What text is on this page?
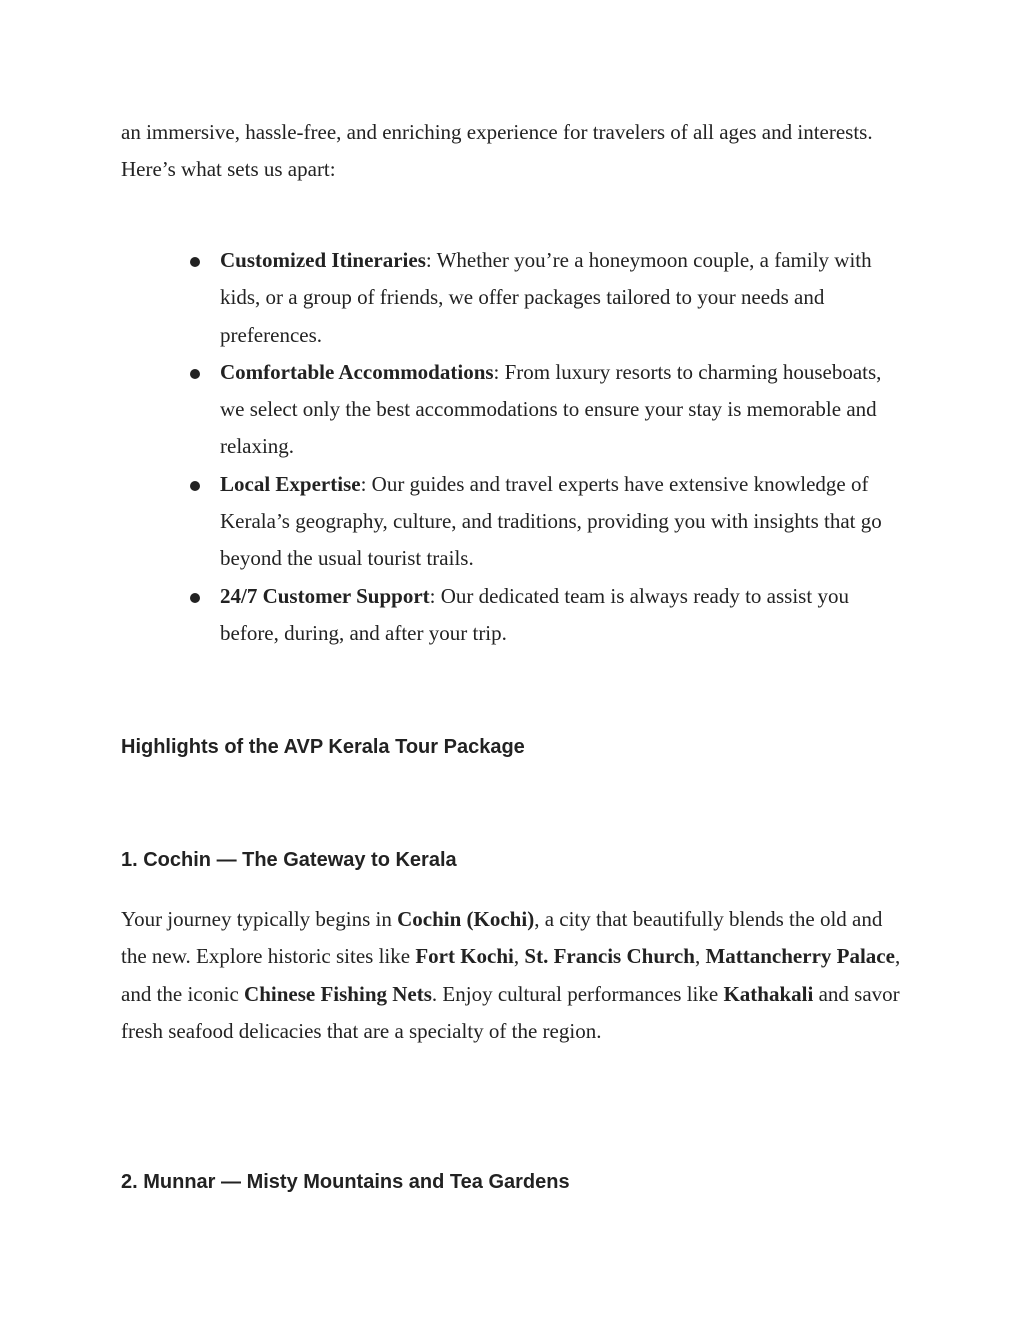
an immersive, hassle-free, and enriching experience for travelers of all ages and interests. Here’s what sets us apart:

Customized Itineraries: Whether you’re a honeymoon couple, a family with kids, or a group of friends, we offer packages tailored to your needs and preferences.
Comfortable Accommodations: From luxury resorts to charming houseboats, we select only the best accommodations to ensure your stay is memorable and relaxing.
Local Expertise: Our guides and travel experts have extensive knowledge of Kerala’s geography, culture, and traditions, providing you with insights that go beyond the usual tourist trails.
24/7 Customer Support: Our dedicated team is always ready to assist you before, during, and after your trip.
Highlights of the AVP Kerala Tour Package
1. Cochin — The Gateway to Kerala

Your journey typically begins in Cochin (Kochi), a city that beautifully blends the old and the new. Explore historic sites like Fort Kochi, St. Francis Church, Mattancherry Palace, and the iconic Chinese Fishing Nets. Enjoy cultural performances like Kathakali and savor fresh seafood delicacies that are a specialty of the region.

2. Munnar — Misty Mountains and Tea Gardens
